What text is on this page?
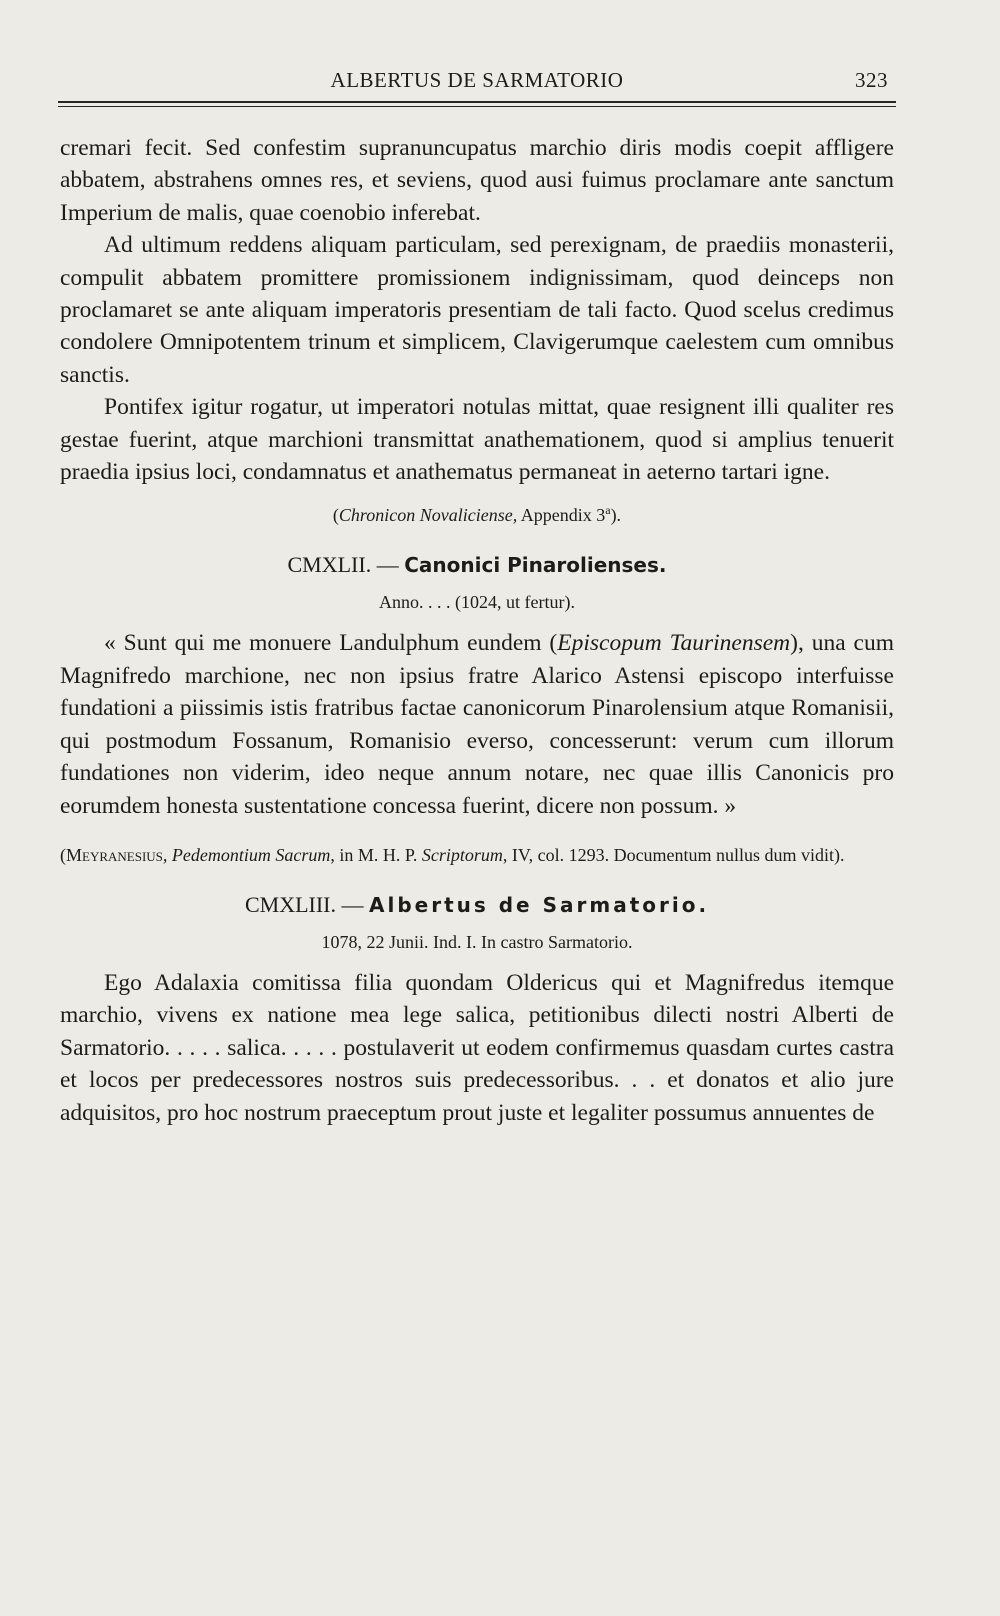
ALBERTUS DE SARMATORIO	323

cremari fecit. Sed confestim supranuncupatus marchio diris modis coepit affligere abbatem, abstrahens omnes res, et seviens, quod ausi fuimus proclamare ante sanctum Imperium de malis, quae coenobio inferebat.

Ad ultimum reddens aliquam particulam, sed perexignam, de praediis monasterii, compulit abbatem promittere promissionem indignissimam, quod deinceps non proclamaret se ante aliquam imperatoris presentiam de tali facto. Quod scelus credimus condolere Omnipotentem trinum et simplicem, Clavigerumque caelestem cum omnibus sanctis.

Pontifex igitur rogatur, ut imperatori notulas mittat, quae resignent illi qualiter res gestae fuerint, atque marchioni transmittat anathemationem, quod si amplius tenuerit praedia ipsius loci, condamnatus et anathematus permaneat in aeterno tartari igne.

(Chronicon Novaliciense, Appendix 3$^a$).

CMXLII. — Canonici Pinarolienses.

Anno. . . . (1024, ut fertur).

« Sunt qui me monuere Landulphum eundem (Episcopum Taurinensem), una cum Magnifredo marchione, nec non ipsius fratre Alarico Astensi episcopo interfuisse fundationi a piissimis istis fratribus factae canonicorum Pinarolensium atque Romanisii, qui postmodum Fossanum, Romanisio everso, concesserunt: verum cum illorum fundationes non viderim, ideo neque annum notare, nec quae illis Canonicis pro eorumdem honesta sustentatione concessa fuerint, dicere non possum. »

(Meyranesius, Pedemontium Sacrum, in M. H. P. Scriptorum, IV, col. 1293. Documentum nullus dum vidit).

CMXLIII. — Albertus de Sarmatorio.

1078, 22 Junii. Ind. I. In castro Sarmatorio.

Ego Adalaxia comitissa filia quondam Oldericus qui et Magnifredus itemque marchio, vivens ex natione mea lege salica, petitionibus dilecti nostri Alberti de Sarmatorio. . . . . salica. . . . . postulaverit ut eodem confirmemus quasdam curtes castra et locos per predecessores nostros suis predecessoribus. . . et donatos et alio jure adquisitos, pro hoc nostrum praeceptum prout juste et legaliter possumus annuentes de
